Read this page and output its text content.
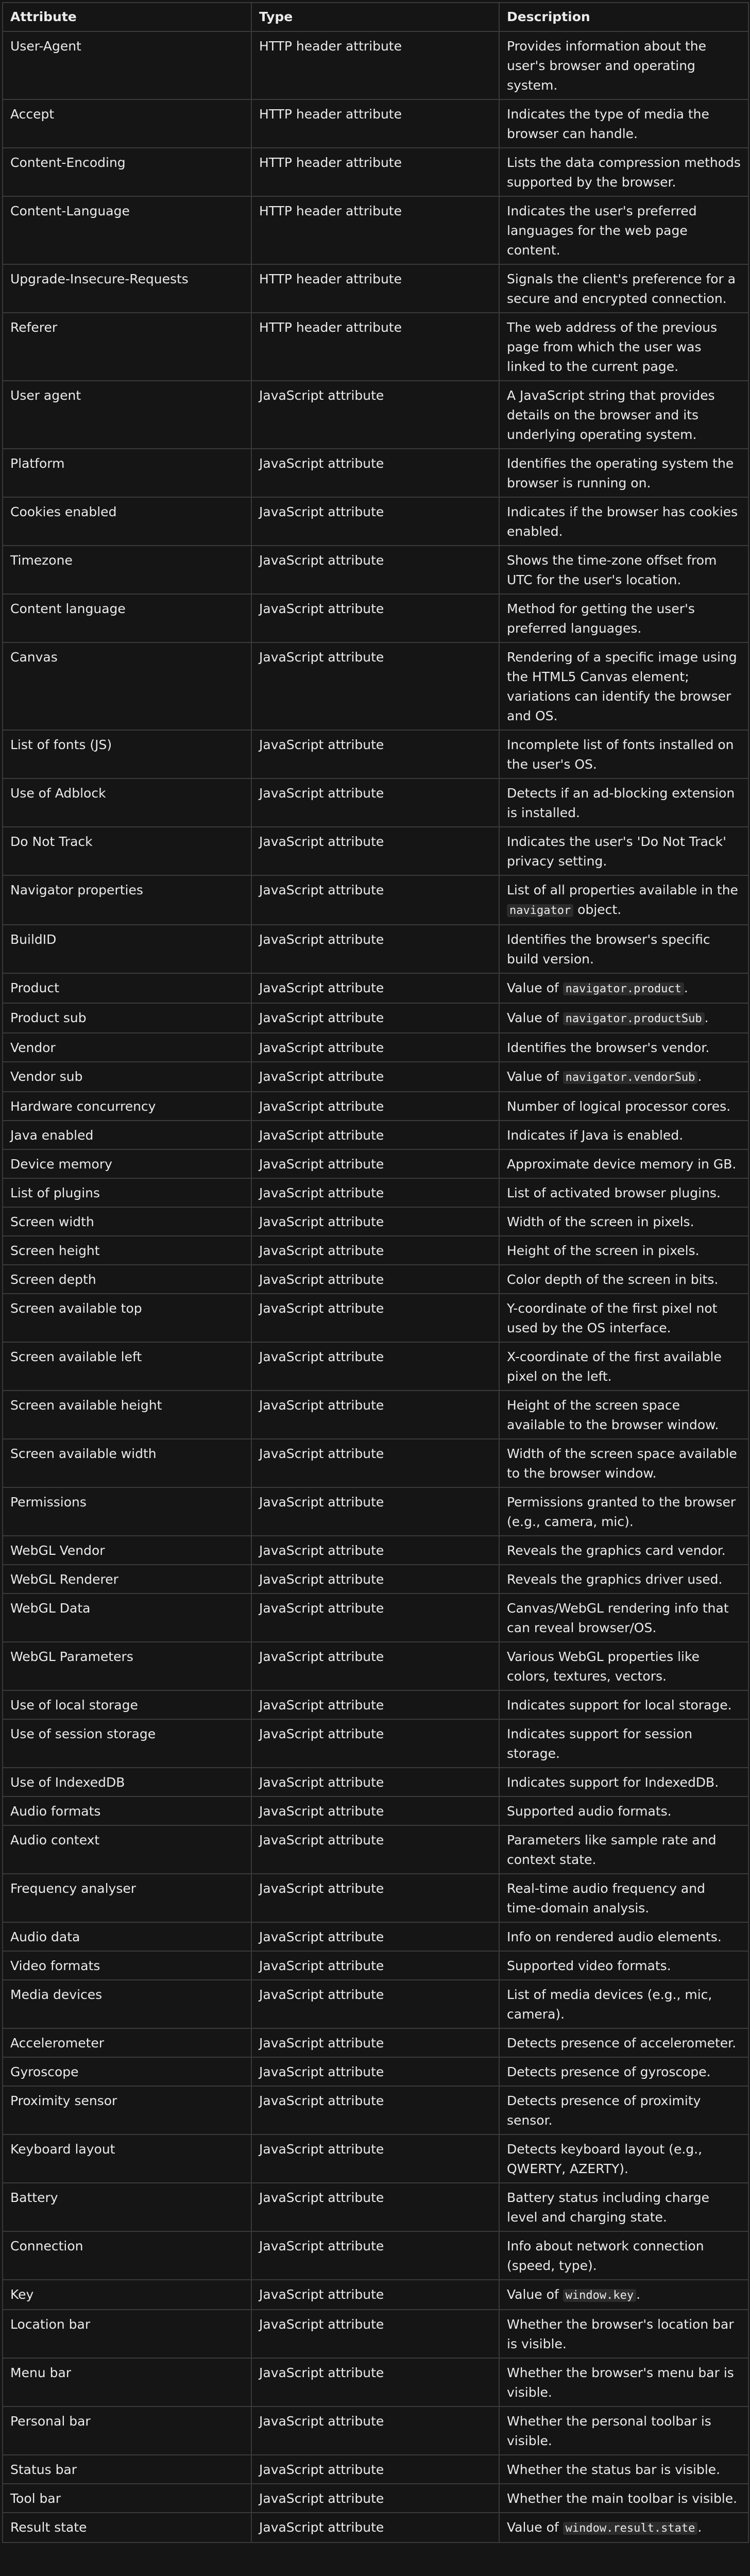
Attribute	Type	Description
User-Agent	HTTP header attribute	Provides information about the user's browser and operating system.
Accept	HTTP header attribute	Indicates the type of media the browser can handle.
Content-Encoding	HTTP header attribute	Lists the data compression methods supported by the browser.
Content-Language	HTTP header attribute	Indicates the user's preferred languages for the web page content.
Upgrade-Insecure-Requests	HTTP header attribute	Signals the client's preference for a secure and encrypted connection.
Referer	HTTP header attribute	The web address of the previous page from which the user was linked to the current page.
User agent	JavaScript attribute	A JavaScript string that provides details on the browser and its underlying operating system.
Platform	JavaScript attribute	Identifies the operating system the browser is running on.
Cookies enabled	JavaScript attribute	Indicates if the browser has cookies enabled.
Timezone	JavaScript attribute	Shows the time-zone offset from UTC for the user's location.
Content language	JavaScript attribute	Method for getting the user's preferred languages.
Canvas	JavaScript attribute	Rendering of a specific image using the HTML5 Canvas element; variations can identify the browser and OS.
List of fonts (JS)	JavaScript attribute	Incomplete list of fonts installed on the user's OS.
Use of Adblock	JavaScript attribute	Detects if an ad-blocking extension is installed.
Do Not Track	JavaScript attribute	Indicates the user's 'Do Not Track' privacy setting.
Navigator properties	JavaScript attribute	List of all properties available in the navigator object.
BuildID	JavaScript attribute	Identifies the browser's specific build version.
Product	JavaScript attribute	Value of navigator.product .
Product sub	JavaScript attribute	Value of navigator.productSub .
Vendor	JavaScript attribute	Identifies the browser's vendor.
Vendor sub	JavaScript attribute	Value of navigator.vendorSub .
Hardware concurrency	JavaScript attribute	Number of logical processor cores.
Java enabled	JavaScript attribute	Indicates if Java is enabled.
Device memory	JavaScript attribute	Approximate device memory in GB.
List of plugins	JavaScript attribute	List of activated browser plugins.
Screen width	JavaScript attribute	Width of the screen in pixels.
Screen height	JavaScript attribute	Height of the screen in pixels.
Screen depth	JavaScript attribute	Color depth of the screen in bits.
Screen available top	JavaScript attribute	Y-coordinate of the first pixel not used by the OS interface.
Screen available left	JavaScript attribute	X-coordinate of the first available pixel on the left.
Screen available height	JavaScript attribute	Height of the screen space available to the browser window.
Screen available width	JavaScript attribute	Width of the screen space available to the browser window.
Permissions	JavaScript attribute	Permissions granted to the browser (e.g., camera, mic).
WebGL Vendor	JavaScript attribute	Reveals the graphics card vendor.
WebGL Renderer	JavaScript attribute	Reveals the graphics driver used.
WebGL Data	JavaScript attribute	Canvas/WebGL rendering info that can reveal browser/OS.
WebGL Parameters	JavaScript attribute	Various WebGL properties like colors, textures, vectors.
Use of local storage	JavaScript attribute	Indicates support for local storage.
Use of session storage	JavaScript attribute	Indicates support for session storage.
Use of IndexedDB	JavaScript attribute	Indicates support for IndexedDB.
Audio formats	JavaScript attribute	Supported audio formats.
Audio context	JavaScript attribute	Parameters like sample rate and context state.
Frequency analyser	JavaScript attribute	Real-time audio frequency and time-domain analysis.
Audio data	JavaScript attribute	Info on rendered audio elements.
Video formats	JavaScript attribute	Supported video formats.
Media devices	JavaScript attribute	List of media devices (e.g., mic, camera).
Accelerometer	JavaScript attribute	Detects presence of accelerometer.
Gyroscope	JavaScript attribute	Detects presence of gyroscope.
Proximity sensor	JavaScript attribute	Detects presence of proximity sensor.
Keyboard layout	JavaScript attribute	Detects keyboard layout (e.g., QWERTY, AZERTY).
Battery	JavaScript attribute	Battery status including charge level and charging state.
Connection	JavaScript attribute	Info about network connection (speed, type).
Key	JavaScript attribute	Value of window.key .
Location bar	JavaScript attribute	Whether the browser's location bar is visible.
Menu bar	JavaScript attribute	Whether the browser's menu bar is visible.
Personal bar	JavaScript attribute	Whether the personal toolbar is visible.
Status bar	JavaScript attribute	Whether the status bar is visible.
Tool bar	JavaScript attribute	Whether the main toolbar is visible.
Result state	JavaScript attribute	Value of window.result.state .
